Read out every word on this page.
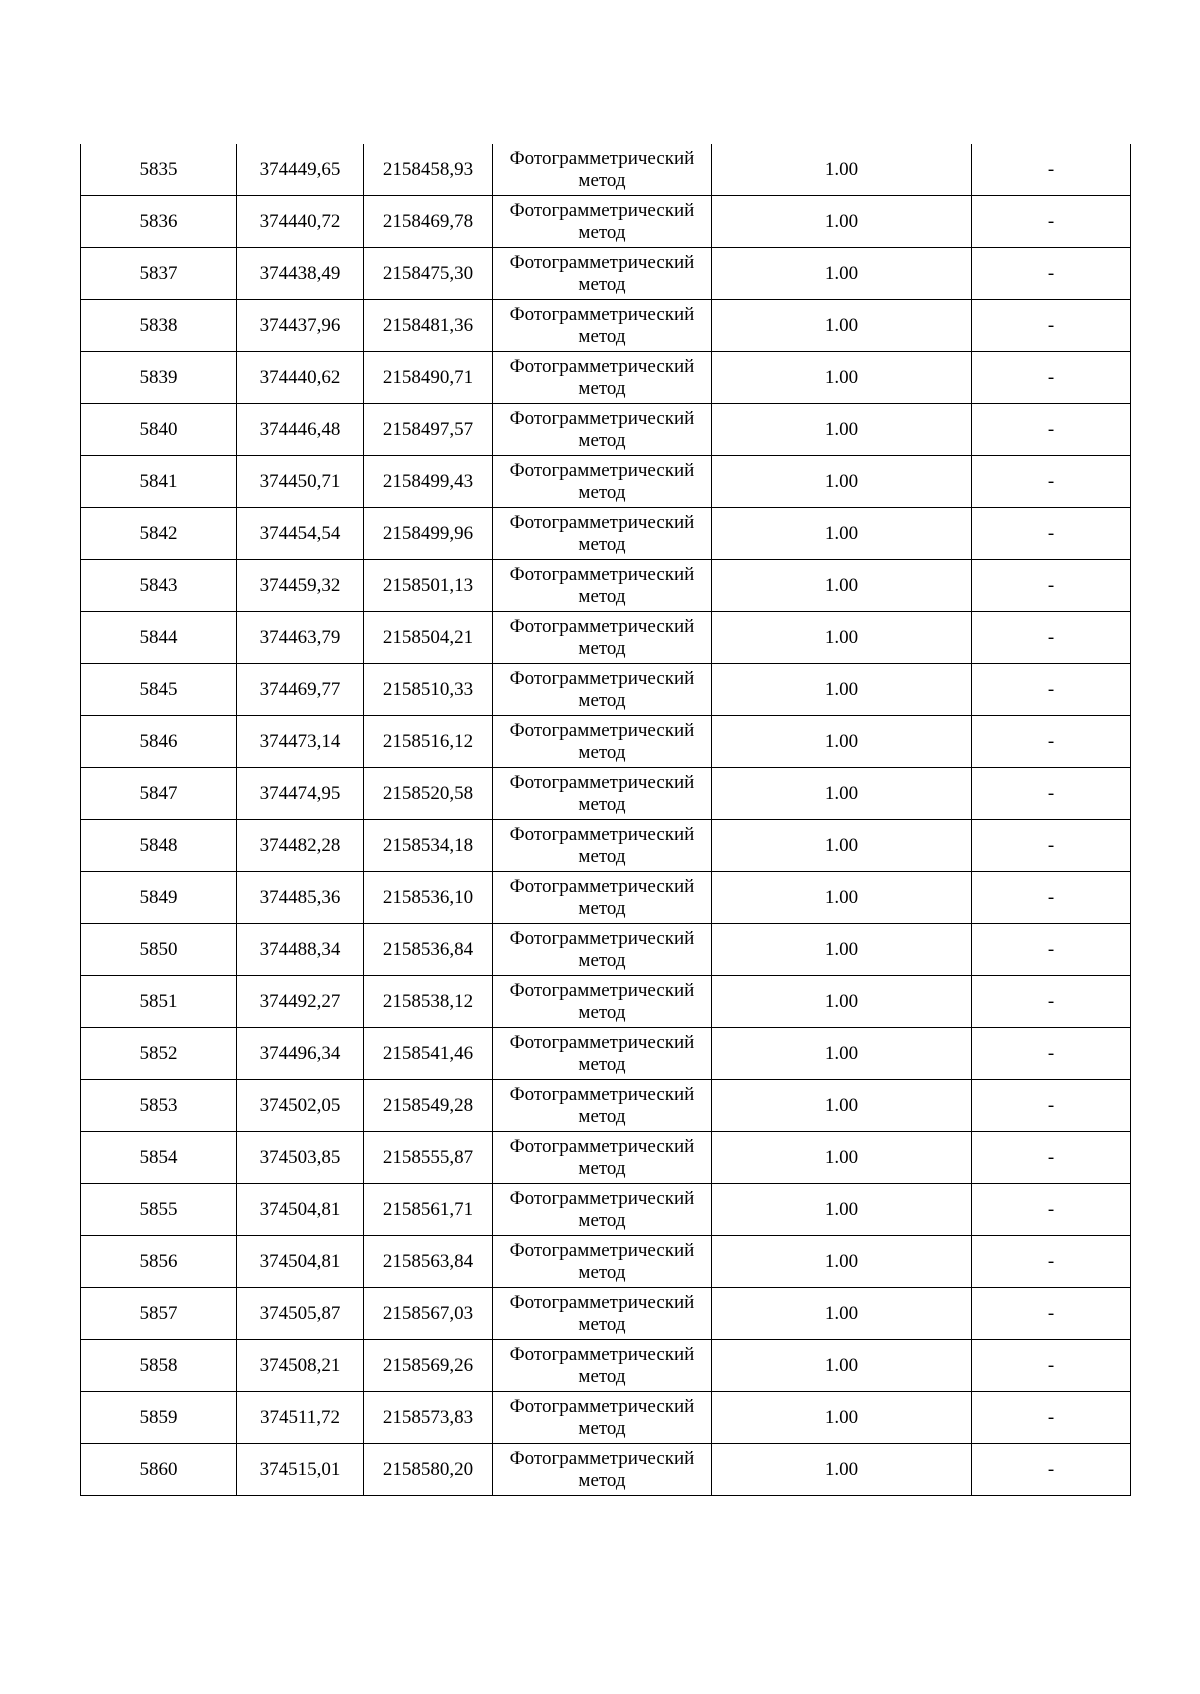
5835	374449,65	2158458,93	Фотограмметрический
метод	1.00	-
5836	374440,72	2158469,78	Фотограмметрический
метод	1.00	-
5837	374438,49	2158475,30	Фотограмметрический
метод	1.00	-
5838	374437,96	2158481,36	Фотограмметрический
метод	1.00	-
5839	374440,62	2158490,71	Фотограмметрический
метод	1.00	-
5840	374446,48	2158497,57	Фотограмметрический
метод	1.00	-
5841	374450,71	2158499,43	Фотограмметрический
метод	1.00	-
5842	374454,54	2158499,96	Фотограмметрический
метод	1.00	-
5843	374459,32	2158501,13	Фотограмметрический
метод	1.00	-
5844	374463,79	2158504,21	Фотограмметрический
метод	1.00	-
5845	374469,77	2158510,33	Фотограмметрический
метод	1.00	-
5846	374473,14	2158516,12	Фотограмметрический
метод	1.00	-
5847	374474,95	2158520,58	Фотограмметрический
метод	1.00	-
5848	374482,28	2158534,18	Фотограмметрический
метод	1.00	-
5849	374485,36	2158536,10	Фотограмметрический
метод	1.00	-
5850	374488,34	2158536,84	Фотограмметрический
метод	1.00	-
5851	374492,27	2158538,12	Фотограмметрический
метод	1.00	-
5852	374496,34	2158541,46	Фотограмметрический
метод	1.00	-
5853	374502,05	2158549,28	Фотограмметрический
метод	1.00	-
5854	374503,85	2158555,87	Фотограмметрический
метод	1.00	-
5855	374504,81	2158561,71	Фотограмметрический
метод	1.00	-
5856	374504,81	2158563,84	Фотограмметрический
метод	1.00	-
5857	374505,87	2158567,03	Фотограмметрический
метод	1.00	-
5858	374508,21	2158569,26	Фотограмметрический
метод	1.00	-
5859	374511,72	2158573,83	Фотограмметрический
метод	1.00	-
5860	374515,01	2158580,20	Фотограмметрический
метод	1.00	-
